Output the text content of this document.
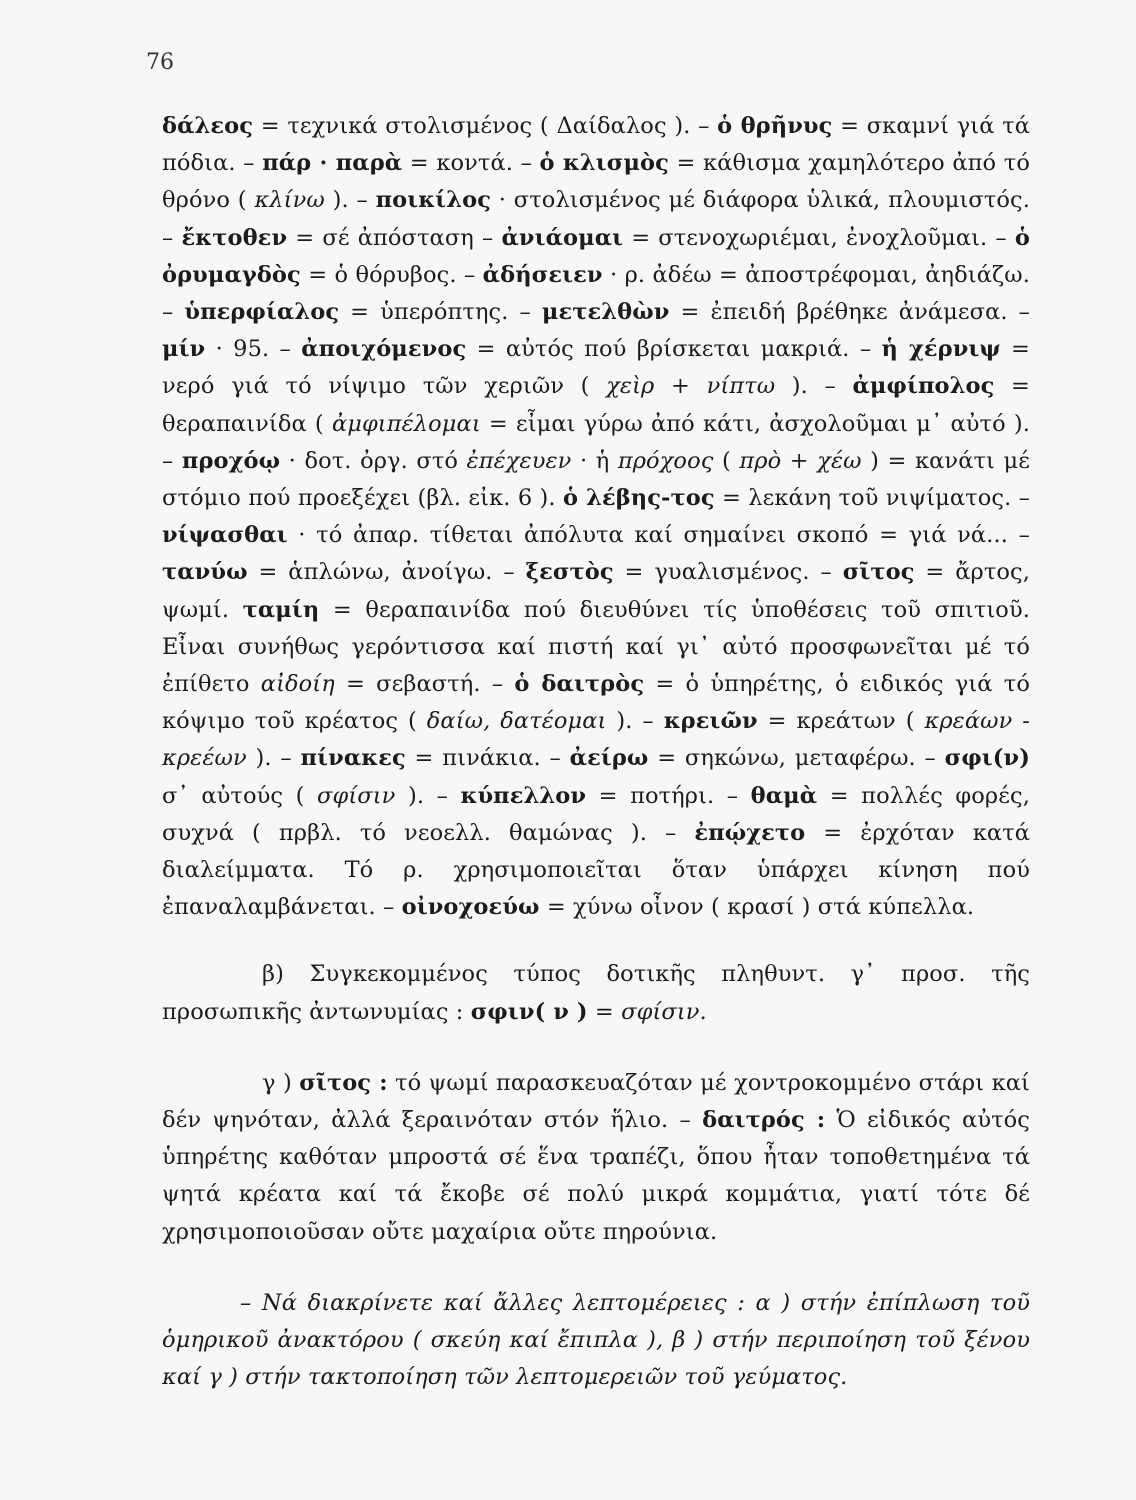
76

δάλεος = τεχνικά στολισμένος ( Δαίδαλος ). – ὁ θρῆνυς = σκαμνί γιά τά πόδια. – πάρ · παρὰ = κοντά. – ὁ κλισμὸς = κάθισμα χαμηλότερο ἀπό τό θρόνο ( κλίνω ). – ποικίλος · στολισμένος μέ διάφορα ὑλικά, πλουμιστός. – ἔκτοθεν = σέ ἀπόσταση – ἀνιάομαι = στενοχωριέμαι, ἐνοχλοῦμαι. – ὁ ὀρυμαγδὸς = ὁ θόρυβος. – ἀδήσειεν · ρ. ἀδέω = ἀποστρέφομαι, ἀηδιάζω. – ὑπερφίαλος = ὑπερόπτης. – μετελθὼν = ἐπειδή βρέθηκε ἀνάμεσα. – μίν · 95. – ἀποιχόμενος = αὐτός πού βρίσκεται μακριά. – ἡ χέρνιψ = νερό γιά τό νίψιμο τῶν χεριῶν ( χεὶρ + νίπτω ). – ἀμφίπολος = θεραπαινίδα ( ἀμφιπέλομαι = εἶμαι γύρω ἀπό κάτι, ἀσχολοῦμαι μ᾽ αὐτό ). – προχόῳ · δοτ. ὀργ. στό ἐπέχευεν · ἡ πρόχοος ( πρὸ + χέω ) = κανάτι μέ στόμιο πού προεξέχει (βλ. εἰκ. 6 ). ὁ λέβης-τος = λεκάνη τοῦ νιψίματος. – νίψασθαι · τό ἀπαρ. τίθεται ἀπόλυτα καί σημαίνει σκοπό = γιά νά... – τανύω = ἁπλώνω, ἀνοίγω. – ξεστὸς = γυαλισμένος. – σῖτος = ἄρτος, ψωμί. ταμίη = θεραπαινίδα πού διευθύνει τίς ὑποθέσεις τοῦ σπιτιοῦ. Εἶναι συνήθως γερόντισσα καί πιστή καί γι᾽ αὐτό προσφωνεῖται μέ τό ἐπίθετο αἰδοίη = σεβαστή. – ὁ δαιτρὸς = ὁ ὑπηρέτης, ὁ ειδικός γιά τό κόψιμο τοῦ κρέατος ( δαίω, δατέομαι ). – κρειῶν = κρεάτων ( κρεάων - κρεέων ). – πίνακες = πινάκια. – ἀείρω = σηκώνω, μεταφέρω. – σφι(ν) σ᾽ αὐτούς ( σφίσιν ). – κύπελλον = ποτήρι. – θαμὰ = πολλές φορές, συχνά ( πρβλ. τό νεοελλ. θαμώνας ). – ἐπῴχετο = ἐρχόταν κατά διαλείμματα. Τό ρ. χρησιμοποιεῖται ὅταν ὑπάρχει κίνηση πού ἐπαναλαμβάνεται. – οἰνοχοεύω = χύνω οἶνον ( κρασί ) στά κύπελλα.

β) Συγκεκομμένος τύπος δοτικῆς πληθυντ. γ᾽ προσ. τῆς προσωπικῆς ἀντωνυμίας : σφιν( ν ) = σφίσιν.

γ ) σῖτος : τό ψωμί παρασκευαζόταν μέ χοντροκομμένο στάρι καί δέν ψηνόταν, ἀλλά ξεραινόταν στόν ἥλιο. – δαιτρός : Ὁ εἰδικός αὐτός ὑπηρέτης καθόταν μπροστά σέ ἕνα τραπέζι, ὅπου ἦταν τοποθετημένα τά ψητά κρέατα καί τά ἔκοβε σέ πολύ μικρά κομμάτια, γιατί τότε δέ χρησιμοποιοῦσαν οὔτε μαχαίρια οὔτε πηρούνια.

– Νά διακρίνετε καί ἄλλες λεπτομέρειες : α ) στήν ἐπίπλωση τοῦ ὁμηρικοῦ ἀνακτόρου ( σκεύη καί ἔπιπλα ), β ) στήν περιποίηση τοῦ ξένου καί γ ) στήν τακτοποίηση τῶν λεπτομερειῶν τοῦ γεύματος.
